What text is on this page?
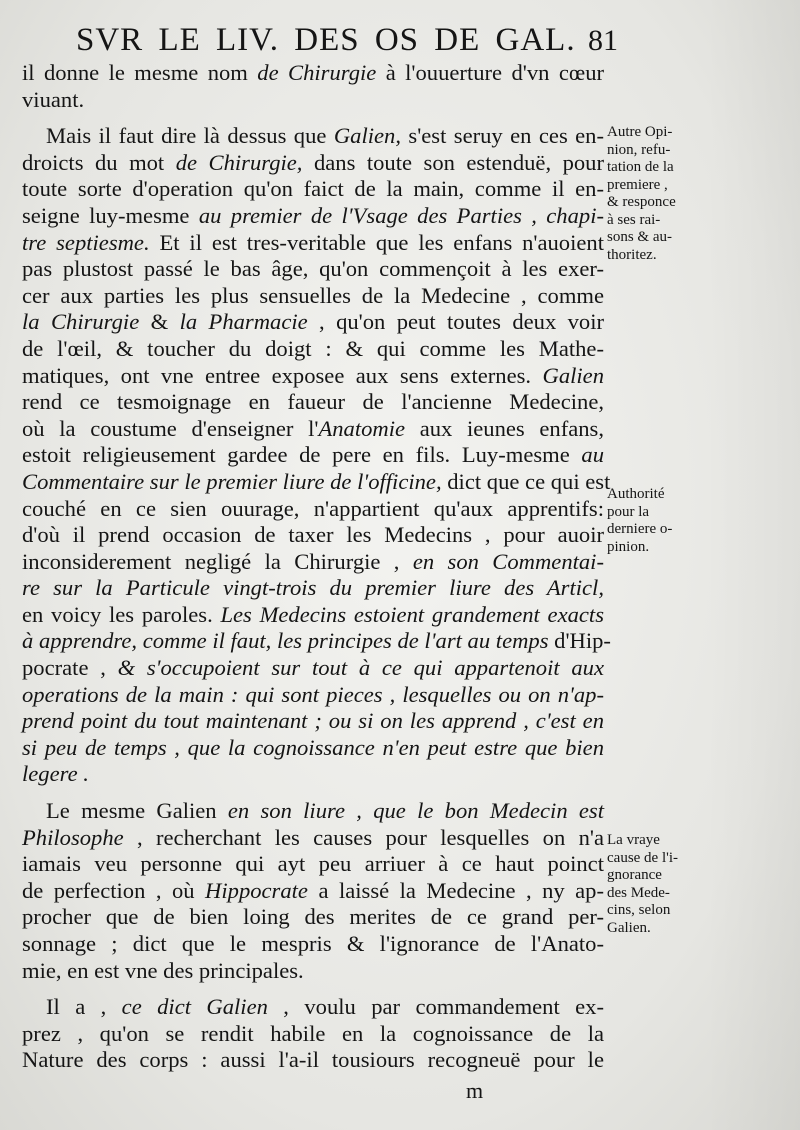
SVR LE LIV. DES OS DE GAL. 81
il donne le mesme nom de Chirurgie à l'ouuerture d'vn cœur
viuant.
Mais il faut dire là dessus que Galien, s'est seruy en ces en-
droicts du mot de Chirurgie, dans toute son estenduë, pour
toute sorte d'operation qu'on faict de la main, comme il en-
seigne luy-mesme au premier de l'Vsage des Parties , chapi-
tre septiesme. Et il est tres-veritable que les enfans n'auoient
pas plustost passé le bas âge, qu'on commençoit à les exer-
cer aux parties les plus sensuelles de la Medecine , comme
la Chirurgie & la Pharmacie , qu'on peut toutes deux voir
de l'œil, & toucher du doigt : & qui comme les Mathe-
matiques, ont vne entree exposee aux sens externes. Galien
rend ce tesmoignage en faueur de l'ancienne Medecine,
où la coustume d'enseigner l'Anatomie aux ieunes enfans,
estoit religieusement gardee de pere en fils. Luy-mesme au
Commentaire sur le premier liure de l'officine, dict que ce qui est
couché en ce sien ouurage, n'appartient qu'aux apprentifs:
d'où il prend occasion de taxer les Medecins , pour auoir
inconsiderement negligé la Chirurgie , en son Commentai-
re sur la Particule vingt-trois du premier liure des Articl,
en voicy les paroles. Les Medecins estoient grandement exacts
à apprendre, comme il faut, les principes de l'art au temps d'Hip-
pocrate , & s'occupoient sur tout à ce qui appartenoit aux
operations de la main : qui sont pieces , lesquelles ou on n'ap-
prend point du tout maintenant ; ou si on les apprend , c'est en
si peu de temps , que la cognoissance n'en peut estre que bien
legere .
Le mesme Galien en son liure , que le bon Medecin est
Philosophe , recherchant les causes pour lesquelles on n'a
iamais veu personne qui ayt peu arriuer à ce haut poinct
de perfection , où Hippocrate a laissé la Medecine , ny ap-
procher que de bien loing des merites de ce grand per-
sonnage ; dict que le mespris & l'ignorance de l'Anato-
mie, en est vne des principales.
Il a , ce dict Galien , voulu par commandement ex-
prez , qu'on se rendit habile en la cognoissance de la
Nature des corps : aussi l'a-il tousiours recogneuë pour le
Autre Opi-
nion, refu-
tation de la
premiere ,
& responce
à ses rai-
sons & au-
thoritez.
Authorité
pour la
derniere o-
pinion.
La vraye
cause de l'i-
gnorance
des Mede-
cins, selon
Galien.
m
